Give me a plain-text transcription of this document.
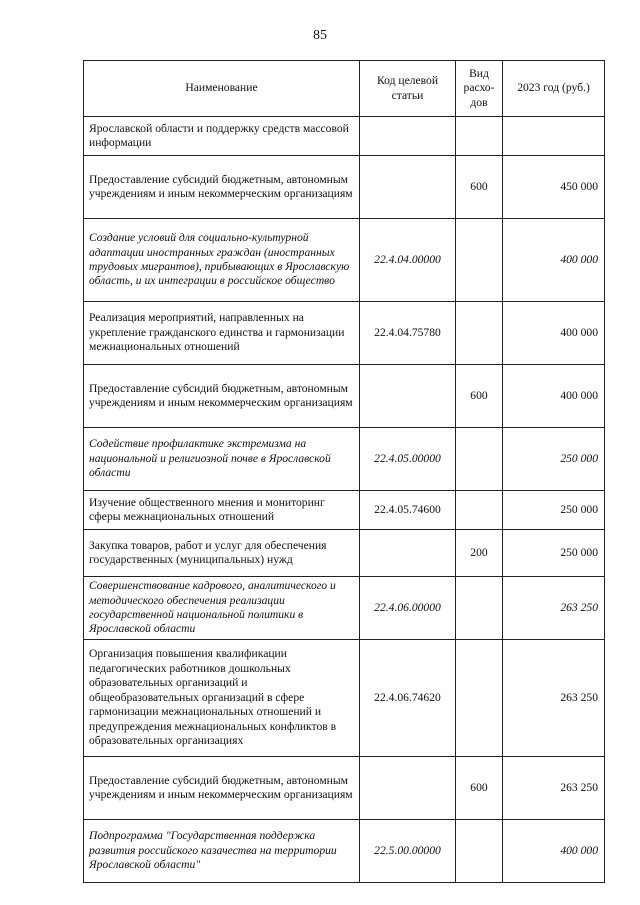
85
Наименование	Код целевой статьи	Вид расхо-дов	2023 год (руб.)
Ярославской области и поддержку средств массовой информации			
Предоставление субсидий бюджетным, автономным учреждениям и иным некоммерческим организациям		600	450 000
Создание условий для социально-культурной адаптации иностранных граждан (иностранных трудовых мигрантов), прибывающих в Ярославскую область, и их интеграции в российское общество	22.4.04.00000		400 000
Реализация мероприятий, направленных на укрепление гражданского единства и гармонизации межнациональных отношений	22.4.04.75780		400 000
Предоставление субсидий бюджетным, автономным учреждениям и иным некоммерческим организациям		600	400 000
Содействие профилактике экстремизма на национальной и религиозной почве в Ярославской области	22.4.05.00000		250 000
Изучение общественного мнения и мониторинг сферы межнациональных отношений	22.4.05.74600		250 000
Закупка товаров, работ и услуг для обеспечения государственных (муниципальных) нужд		200	250 000
Совершенствование кадрового, аналитического и методического обеспечения реализации государственной национальной политики в Ярославской области	22.4.06.00000		263 250
Организация повышения квалификации педагогических работников дошкольных образовательных организаций и общеобразовательных организаций в сфере гармонизации межнациональных отношений и предупреждения межнациональных конфликтов в образовательных организациях	22.4.06.74620		263 250
Предоставление субсидий бюджетным, автономным учреждениям и иным некоммерческим организациям		600	263 250
Подпрограмма "Государственная поддержка развития российского казачества на территории Ярославской области"	22.5.00.00000		400 000
